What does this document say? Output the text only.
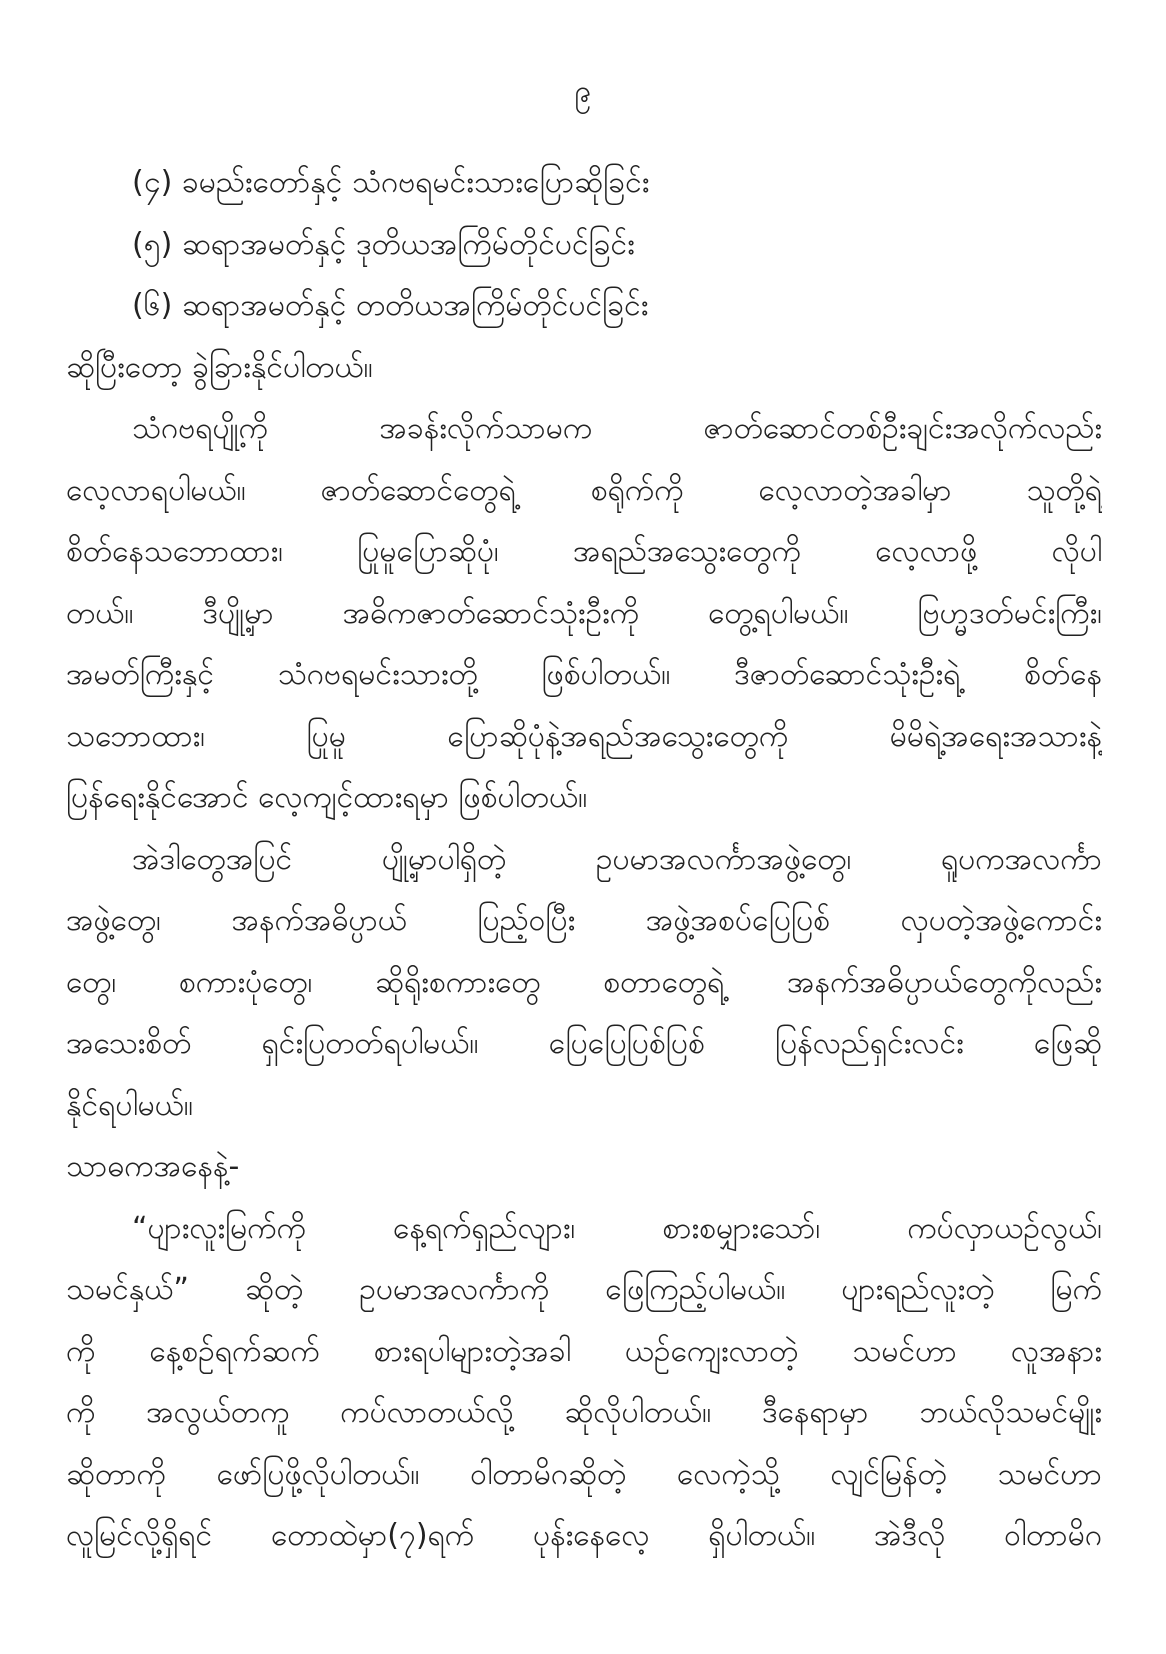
၉
(၄) ခမည်းတော်နှင့် သံဂဗရမင်းသားပြောဆိုခြင်း
(၅) ဆရာအမတ်နှင့် ဒုတိယအကြိမ်တိုင်ပင်ခြင်း
(၆) ဆရာအမတ်နှင့် တတိယအကြိမ်တိုင်ပင်ခြင်း
ဆိုပြီးတော့ ခွဲခြားနိုင်ပါတယ်။
သံဂဗရပျို့ကို အခန်းလိုက်သာမက ဇာတ်ဆောင်တစ်ဦးချင်းအလိုက်လည်း
လေ့လာရပါမယ်။ ဇာတ်ဆောင်တွေရဲ့ စရိုက်ကို လေ့လာတဲ့အခါမှာ သူတို့ရဲ့
စိတ်နေသဘောထား၊ ပြုမူပြောဆိုပုံ၊ အရည်အသွေးတွေကို လေ့လာဖို့ လိုပါ
တယ်။ ဒီပျို့မှာ အဓိကဇာတ်ဆောင်သုံးဦးကို တွေ့ရပါမယ်။ ဗြဟ္မဒတ်မင်းကြီး၊
အမတ်ကြီးနှင့် သံဂဗရမင်းသားတို့ ဖြစ်ပါတယ်။ ဒီဇာတ်ဆောင်သုံးဦးရဲ့ စိတ်နေ
သဘောထား၊ ပြုမူ ပြောဆိုပုံနဲ့အရည်အသွေးတွေကို မိမိရဲ့အရေးအသားနဲ့
ပြန်ရေးနိုင်အောင် လေ့ကျင့်ထားရမှာ ဖြစ်ပါတယ်။
အဲဒါတွေအပြင် ပျို့မှာပါရှိတဲ့ ဥပမာအလင်္ကာအဖွဲ့တွေ၊ ရူပကအလင်္ကာ
အဖွဲ့တွေ၊ အနက်အဓိပ္ပာယ် ပြည့်ဝပြီး အဖွဲ့အစပ်ပြေပြစ် လှပတဲ့အဖွဲ့ကောင်း
တွေ၊ စကားပုံတွေ၊ ဆိုရိုးစကားတွေ စတာတွေရဲ့ အနက်အဓိပ္ပာယ်တွေကိုလည်း
အသေးစိတ် ရှင်းပြတတ်ရပါမယ်။ ပြေပြေပြစ်ပြစ် ပြန်လည်ရှင်းလင်း ဖြေဆို
နိုင်ရပါမယ်။
သာဓကအနေနဲ့-
“ပျားလူးမြက်ကို နေ့ရက်ရှည်လျား၊ စားစမျှားသော်၊ ကပ်လှာယဉ်လွယ်၊
သမင်နှယ်” ဆိုတဲ့ ဥပမာအလင်္ကာကို ဖြေကြည့်ပါမယ်။ ပျားရည်လူးတဲ့ မြက်
ကို နေ့စဉ်ရက်ဆက် စားရပါများတဲ့အခါ ယဉ်ကျေးလာတဲ့ သမင်ဟာ လူအနား
ကို အလွယ်တကူ ကပ်လာတယ်လို့ ဆိုလိုပါတယ်။ ဒီနေရာမှာ ဘယ်လိုသမင်မျိုး
ဆိုတာကို ဖော်ပြဖို့လိုပါတယ်။ ဝါတာမိဂဆိုတဲ့ လေကဲ့သို့ လျင်မြန်တဲ့ သမင်ဟာ
လူမြင်လို့ရှိရင် တောထဲမှာ(၇)ရက် ပုန်းနေလေ့ ရှိပါတယ်။ အဲဒီလို ဝါတာမိဂ
